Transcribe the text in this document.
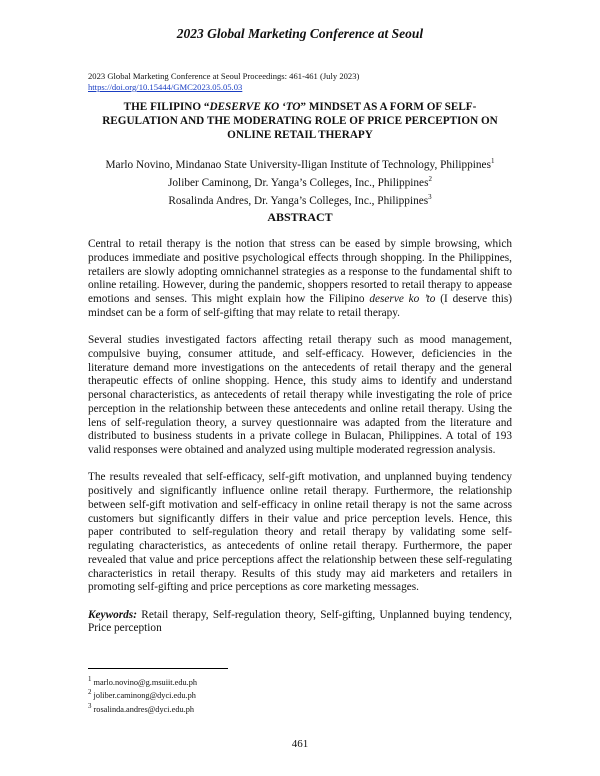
2023 Global Marketing Conference at Seoul
2023 Global Marketing Conference at Seoul Proceedings: 461-461 (July 2023)
https://doi.org/10.15444/GMC2023.05.05.03
THE FILIPINO “DESERVE KO ‘TO” MINDSET AS A FORM OF SELF-REGULATION AND THE MODERATING ROLE OF PRICE PERCEPTION ON ONLINE RETAIL THERAPY
Marlo Novino, Mindanao State University-Iligan Institute of Technology, Philippines$^1$
Joliber Caminong, Dr. Yanga’s Colleges, Inc., Philippines$^2$
Rosalinda Andres, Dr. Yanga’s Colleges, Inc., Philippines$^3$
ABSTRACT

Central to retail therapy is the notion that stress can be eased by simple browsing, which produces immediate and positive psychological effects through shopping. In the Philippines, retailers are slowly adopting omnichannel strategies as a response to the fundamental shift to online retailing. However, during the pandemic, shoppers resorted to retail therapy to appease emotions and senses. This might explain how the Filipino deserve ko ’to (I deserve this) mindset can be a form of self-gifting that may relate to retail therapy.

Several studies investigated factors affecting retail therapy such as mood management, compulsive buying, consumer attitude, and self-efficacy. However, deficiencies in the literature demand more investigations on the antecedents of retail therapy and the general therapeutic effects of online shopping. Hence, this study aims to identify and understand personal characteristics, as antecedents of retail therapy while investigating the role of price perception in the relationship between these antecedents and online retail therapy. Using the lens of self-regulation theory, a survey questionnaire was adapted from the literature and distributed to business students in a private college in Bulacan, Philippines. A total of 193 valid responses were obtained and analyzed using multiple moderated regression analysis.

The results revealed that self-efficacy, self-gift motivation, and unplanned buying tendency positively and significantly influence online retail therapy. Furthermore, the relationship between self-gift motivation and self-efficacy in online retail therapy is not the same across customers but significantly differs in their value and price perception levels. Hence, this paper contributed to self-regulation theory and retail therapy by validating some self-regulating characteristics, as antecedents of online retail therapy. Furthermore, the paper revealed that value and price perceptions affect the relationship between these self-regulating characteristics in retail therapy. Results of this study may aid marketers and retailers in promoting self-gifting and price perceptions as core marketing messages.

Keywords: Retail therapy, Self-regulation theory, Self-gifting, Unplanned buying tendency, Price perception

$^1$ marlo.novino@g.msuiit.edu.ph
$^2$ joliber.caminong@dyci.edu.ph
$^3$ rosalinda.andres@dyci.edu.ph
461
